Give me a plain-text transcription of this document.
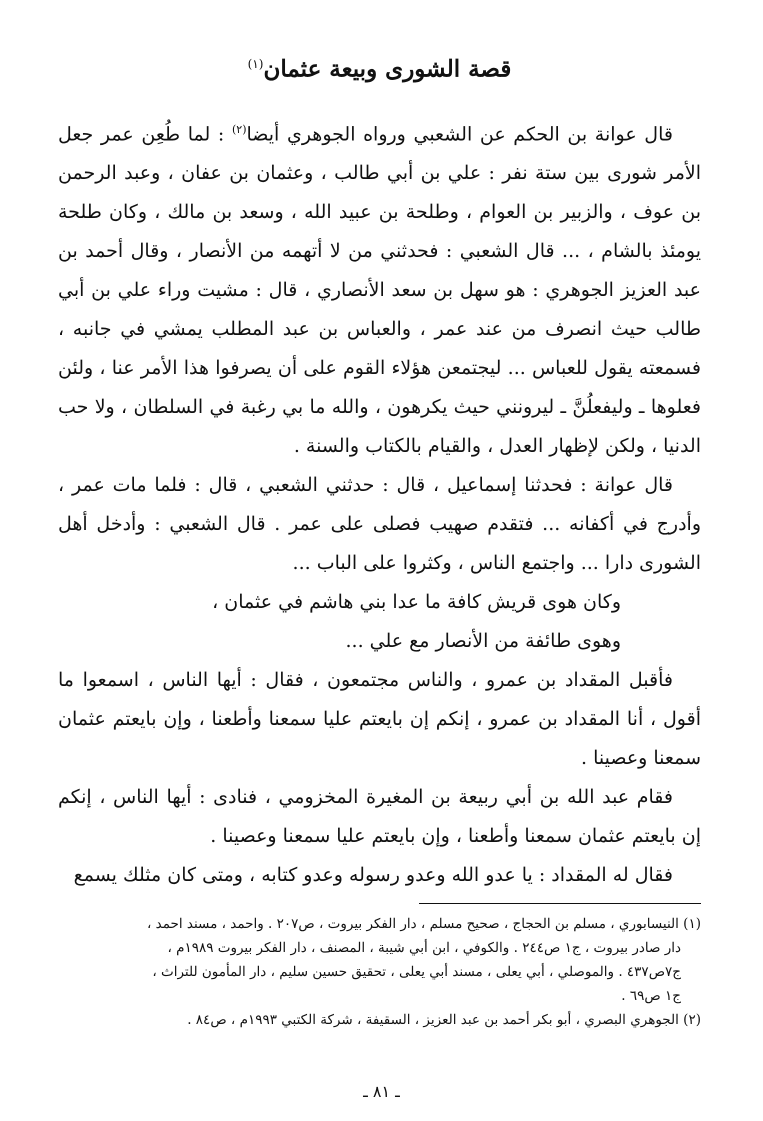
قصة الشورى وبيعة عثمان$^{(١)}$

قال عوانة بن الحكم عن الشعبي ورواه الجوهري أيضا$^{(٢)}$ : لما طُعِن عمر جعل الأمر شورى بين ستة نفر : علي بن أبي طالب ، وعثمان بن عفان ، وعبد الرحمن بن عوف ، والزبير بن العوام ، وطلحة بن عبيد الله ، وسعد بن مالك ، وكان طلحة يومئذ بالشام ، ... قال الشعبي : فحدثني من لا أتهمه من الأنصار ، وقال أحمد بن عبد العزيز الجوهري : هو سهل بن سعد الأنصاري ، قال : مشيت وراء علي بن أبي طالب حيث انصرف من عند عمر ، والعباس بن عبد المطلب يمشي في جانبه ، فسمعته يقول للعباس ... ليجتمعن هؤلاء القوم على أن يصرفوا هذا الأمر عنا ، ولئن فعلوها ـ وليفعلُنَّ ـ ليرونني حيث يكرهون ، والله ما بي رغبة في السلطان ، ولا حب الدنيا ، ولكن لإظهار العدل ، والقيام بالكتاب والسنة .

قال عوانة : فحدثنا إسماعيل ، قال : حدثني الشعبي ، قال : فلما مات عمر ، وأدرج في أكفانه ... فتقدم صهيب فصلى على عمر . قال الشعبي : وأدخل أهل الشورى دارا ... واجتمع الناس ، وكثروا على الباب ...

وكان هوى قريش كافة ما عدا بني هاشم في عثمان ،

وهوى طائفة من الأنصار مع علي ...

فأقبل المقداد بن عمرو ، والناس مجتمعون ، فقال : أيها الناس ، اسمعوا ما أقول ، أنا المقداد بن عمرو ، إنكم إن بايعتم عليا سمعنا وأطعنا ، وإن بايعتم عثمان سمعنا وعصينا .

فقام عبد الله بن أبي ربيعة بن المغيرة المخزومي ، فنادى : أيها الناس ، إنكم إن بايعتم عثمان سمعنا وأطعنا ، وإن بايعتم عليا سمعنا وعصينا .

فقال له المقداد : يا عدو الله وعدو رسوله وعدو كتابه ، ومتى كان مثلك يسمع

(١) النيسابوري ، مسلم بن الحجاج ، صحيح مسلم ، دار الفكر بيروت ، ص٢٠٧ . واحمد ، مسند احمد ،

دار صادر بيروت ، ج١ ص٢٤٤ . والكوفي ، ابن أبي شيبة ، المصنف ، دار الفكر بيروت ١٩٨٩م ،

ج٧ص٤٣٧ . والموصلي ، أبي يعلى ، مسند أبي يعلى ، تحقيق حسين سليم ، دار المأمون للتراث ،

ج١ ص٦٩ .

(٢) الجوهري البصري ، أبو بكر أحمد بن عبد العزيز ، السقيفة ، شركة الكتبي ١٩٩٣م ، ص٨٤ .

ـ ٨١ ـ
